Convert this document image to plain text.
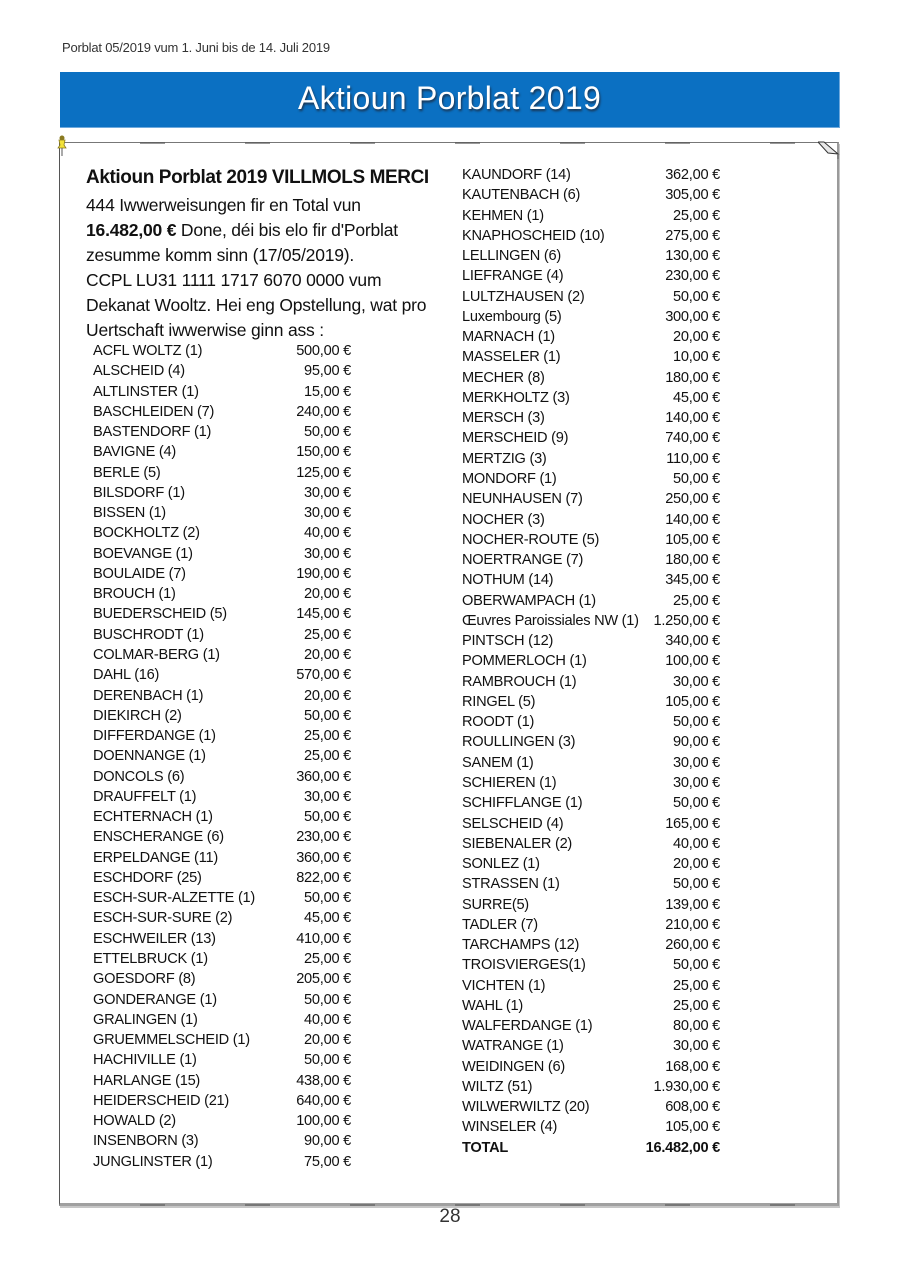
Porblat 05/2019 vum 1. Juni bis de 14. Juli 2019
Aktioun Porblat 2019
Aktioun Porblat 2019 VILLMOLS MERCI
444 Iwwerweisungen fir en Total vun
16.482,00 € Done, déi bis elo fir d'Porblat
zesumme komm sinn (17/05/2019).
CCPL LU31 1111 1717 6070 0000 vum
Dekanat Wooltz. Hei eng Opstellung, wat pro
Uertschaft iwwerwise ginn ass :
ACFL WOLTZ (1)	500,00 €
ALSCHEID (4)	95,00 €
ALTLINSTER (1)	15,00 €
BASCHLEIDEN (7)	240,00 €
BASTENDORF (1)	50,00 €
BAVIGNE (4)	150,00 €
BERLE (5)	125,00 €
BILSDORF (1)	30,00 €
BISSEN (1)	30,00 €
BOCKHOLTZ (2)	40,00 €
BOEVANGE (1)	30,00 €
BOULAIDE (7)	190,00 €
BROUCH (1)	20,00 €
BUEDERSCHEID (5)	145,00 €
BUSCHRODT (1)	25,00 €
COLMAR-BERG (1)	20,00 €
DAHL (16)	570,00 €
DERENBACH (1)	20,00 €
DIEKIRCH (2)	50,00 €
DIFFERDANGE (1)	25,00 €
DOENNANGE (1)	25,00 €
DONCOLS (6)	360,00 €
DRAUFFELT (1)	30,00 €
ECHTERNACH (1)	50,00 €
ENSCHERANGE (6)	230,00 €
ERPELDANGE (11)	360,00 €
ESCHDORF (25)	822,00 €
ESCH-SUR-ALZETTE (1)	50,00 €
ESCH-SUR-SURE (2)	45,00 €
ESCHWEILER (13)	410,00 €
ETTELBRUCK (1)	25,00 €
GOESDORF (8)	205,00 €
GONDERANGE (1)	50,00 €
GRALINGEN (1)	40,00 €
GRUEMMELSCHEID (1)	20,00 €
HACHIVILLE (1)	50,00 €
HARLANGE (15)	438,00 €
HEIDERSCHEID (21)	640,00 €
HOWALD (2)	100,00 €
INSENBORN (3)	90,00 €
JUNGLINSTER (1)	75,00 €
KAUNDORF (14)	362,00 €
KAUTENBACH (6)	305,00 €
KEHMEN (1)	25,00 €
KNAPHOSCHEID (10)	275,00 €
LELLINGEN (6)	130,00 €
LIEFRANGE (4)	230,00 €
LULTZHAUSEN (2)	50,00 €
Luxembourg (5)	300,00 €
MARNACH (1)	20,00 €
MASSELER (1)	10,00 €
MECHER (8)	180,00 €
MERKHOLTZ (3)	45,00 €
MERSCH (3)	140,00 €
MERSCHEID (9)	740,00 €
MERTZIG (3)	110,00 €
MONDORF (1)	50,00 €
NEUNHAUSEN (7)	250,00 €
NOCHER (3)	140,00 €
NOCHER-ROUTE (5)	105,00 €
NOERTRANGE (7)	180,00 €
NOTHUM (14)	345,00 €
OBERWAMPACH (1)	25,00 €
Œuvres Paroissiales NW (1) 1.250,00 €
PINTSCH (12)	340,00 €
POMMERLOCH (1)	100,00 €
RAMBROUCH (1)	30,00 €
RINGEL (5)	105,00 €
ROODT (1)	50,00 €
ROULLINGEN (3)	90,00 €
SANEM (1)	30,00 €
SCHIEREN (1)	30,00 €
SCHIFFLANGE (1)	50,00 €
SELSCHEID (4)	165,00 €
SIEBENALER (2)	40,00 €
SONLEZ (1)	20,00 €
STRASSEN (1)	50,00 €
SURRE(5)	139,00 €
TADLER (7)	210,00 €
TARCHAMPS (12)	260,00 €
TROISVIERGES(1)	50,00 €
VICHTEN (1)	25,00 €
WAHL (1)	25,00 €
WALFERDANGE (1)	80,00 €
WATRANGE (1)	30,00 €
WEIDINGEN (6)	168,00 €
WILTZ (51)	1.930,00 €
WILWERWILTZ (20)	608,00 €
WINSELER (4)	105,00 €
TOTAL	16.482,00 €
28
